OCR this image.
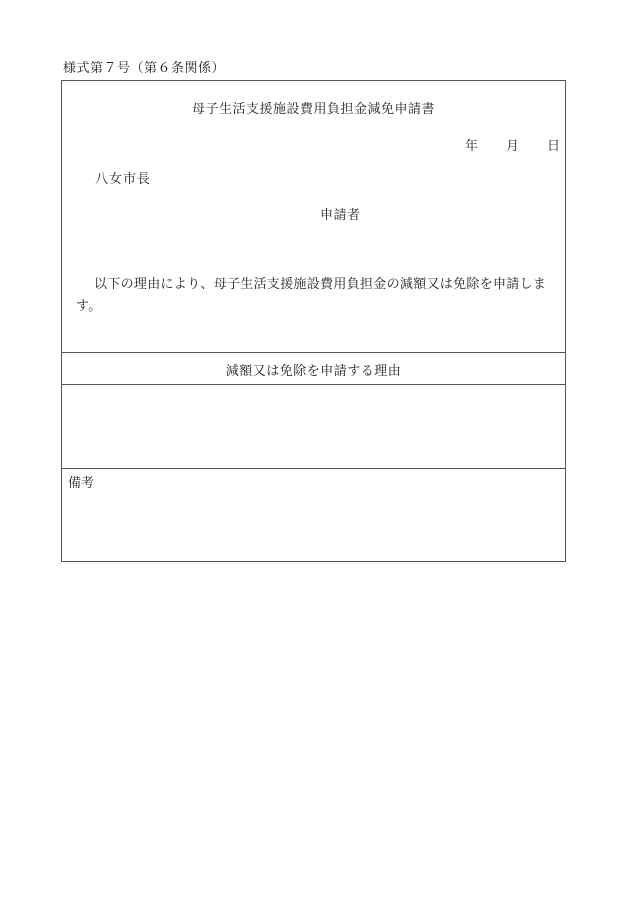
様式第７号（第６条関係）
母子生活支援施設費用負担金減免申請書
年 月 日
八女市長
申請者
以下の理由により、母子生活支援施設費用負担金の減額又は免除を申請します。
減額又は免除を申請する理由
備考
